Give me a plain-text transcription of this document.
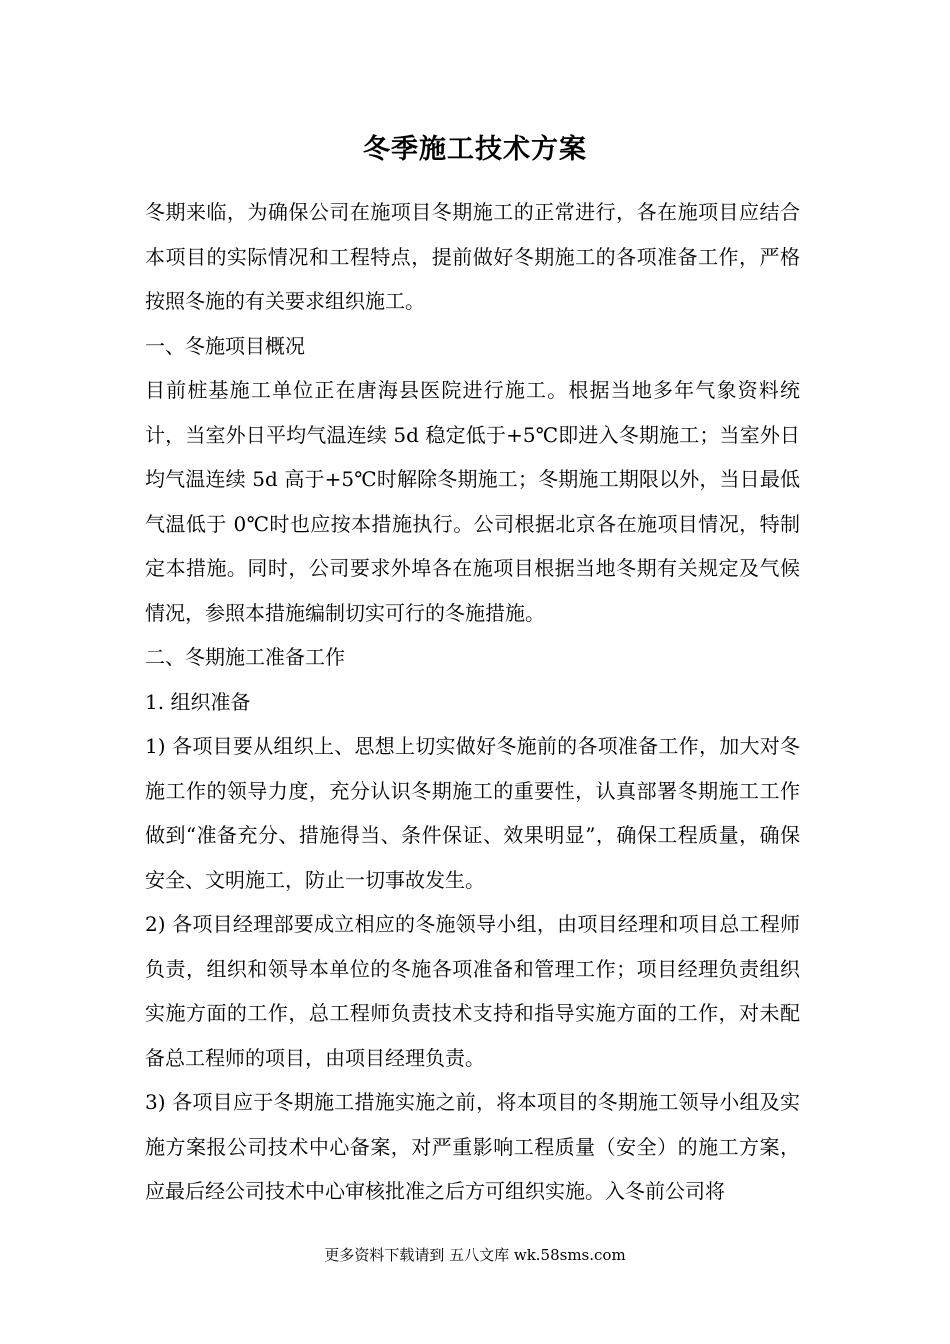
冬季施工技术方案

冬期来临，为确保公司在施项目冬期施工的正常进行，各在施项目应结合本项目的实际情况和工程特点，提前做好冬期施工的各项准备工作，严格按照冬施的有关要求组织施工。

一、冬施项目概况

目前桩基施工单位正在唐海县医院进行施工。根据当地多年气象资料统计，当室外日平均气温连续 5d 稳定低于+5℃即进入冬期施工；当室外日均气温连续 5d 高于+5℃时解除冬期施工；冬期施工期限以外，当日最低气温低于 0℃时也应按本措施执行。公司根据北京各在施项目情况，特制定本措施。同时，公司要求外埠各在施项目根据当地冬期有关规定及气候情况，参照本措施编制切实可行的冬施措施。

二、冬期施工准备工作

1. 组织准备

1) 各项目要从组织上、思想上切实做好冬施前的各项准备工作，加大对冬施工作的领导力度，充分认识冬期施工的重要性，认真部署冬期施工工作做到“准备充分、措施得当、条件保证、效果明显”，确保工程质量，确保安全、文明施工，防止一切事故发生。

2) 各项目经理部要成立相应的冬施领导小组，由项目经理和项目总工程师负责，组织和领导本单位的冬施各项准备和管理工作；项目经理负责组织实施方面的工作，总工程师负责技术支持和指导实施方面的工作，对未配备总工程师的项目，由项目经理负责。

3) 各项目应于冬期施工措施实施之前，将本项目的冬期施工领导小组及实施方案报公司技术中心备案，对严重影响工程质量（安全）的施工方案，应最后经公司技术中心审核批准之后方可组织实施。入冬前公司将

更多资料下载请到 五八文库 wk.58sms.com
